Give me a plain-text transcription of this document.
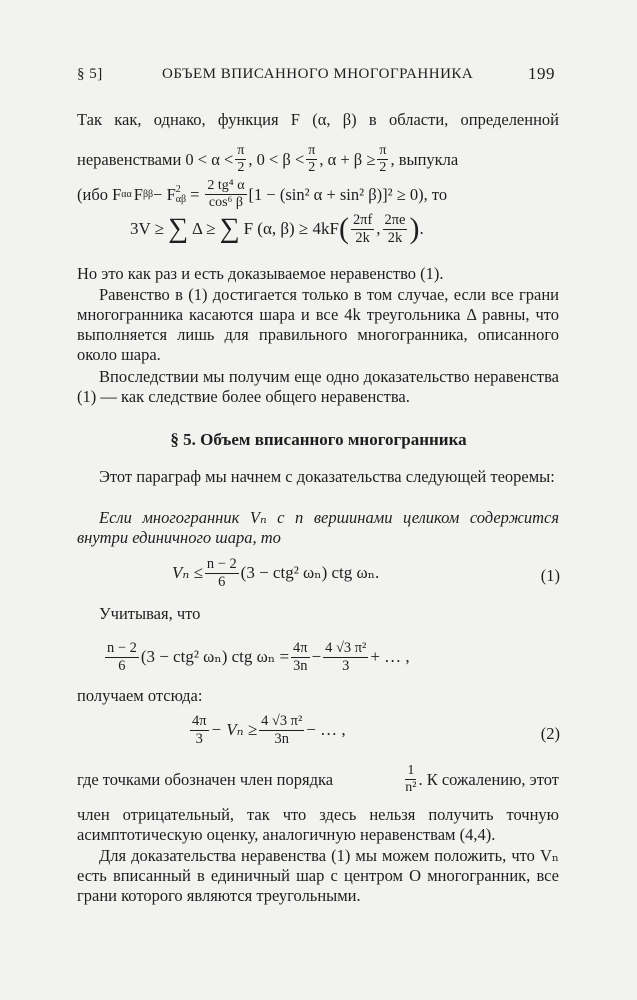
§ 5]	ОБЪЕМ ВПИСАННОГО МНОГОГРАННИКА	199
Так как, однако, функция F (α, β) в области, определенной
неравенствами $0 < \alpha < \frac{\pi}{2}$ , $0 < \beta < \frac{\pi}{2}$ , $\alpha + \beta \ge \frac{\pi}{2}$ , выпукла
(ибо F αα F ββ − F 2
$\alpha\beta = \frac{\text{2 tg⁴ α}}{\text{cos⁶ β}} [1 - (\sin^2$ α + sin² β)]² ≥ 0), то
3V ≥ ∑ Δ ≥ ∑ F (α, β) ≥ 4kF ( $\frac{2\pi f}{2k}$ , $\frac{2\pi e}{2k}$ ) .
Но это как раз и есть доказываемое неравенство (1).
Равенство в (1) достигается только в том случае, если все грани многогранника касаются шара и все 4k треугольника Δ равны, что выполняется лишь для правильного многогранника, описанного около шара.
Впоследствии мы получим еще одно доказательство неравенства (1) — как следствие более общего неравенства.
§ 5. Объем вписанного многогранника
Этот параграф мы начнем с доказательства следующей теоремы:
Если многогранник Vₙ с n вершинами целиком содержится внутри единичного шара, то
$V_n \le \frac{n - 2}{6} (3 - ctg^2$ ωₙ) ctg ωₙ.	(1)
Учитывая, что
$\frac{n - 2}{6} (3 - ctg^2$ ωₙ) ctg $\omega_n = \frac{4\pi}{3n} - \frac{\text{4 √3 π²}}{3}$ + … ,
получаем отсюда:
$\frac{4\pi}{3} - V_n \ge \frac{\text{4 √3 π²}}{3n}$ − … ,	(2)
где точками обозначен член порядка	$\frac{1}{\text{n²}}$ . К сожалению, этот
член отрицательный, так что здесь нельзя получить точную асимптотическую оценку, аналогичную неравенствам (4,4).
Для доказательства неравенства (1) мы можем положить, что Vₙ есть вписанный в единичный шар с центром O многогранник, все грани которого являются треугольными.
